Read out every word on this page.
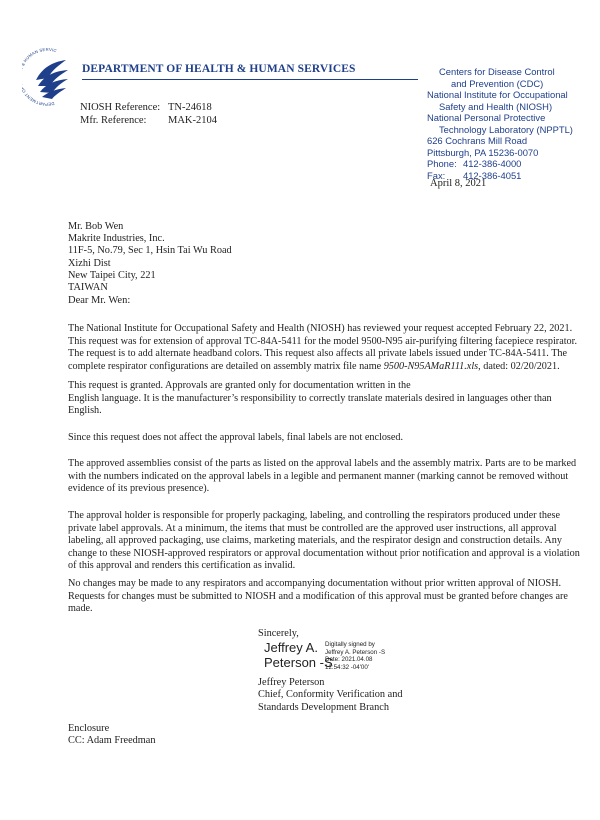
DEPARTMENT HUMAN SERVIC
DEPARTMENT OF HEALTH & HUMAN SERVICES	Centers for Disease Control
and Prevention (CDC)
National Institute for Occupational
Safety and Health (NIOSH)
National Personal Protective
Technology Laboratory (NPPTL)
626 Cochrans Mill Road
Pittsburgh, PA 15236-0070
Phone: 412-386-4000
Fax: 412-386-4051
April 8, 2021
NIOSH Reference: TN-24618
Mfr. Reference: MAK-2104
Mr. Bob Wen
Makrite Industries, Inc.
11F-5, No.79, Sec 1, Hsin Tai Wu Road
Xizhi Dist
New Taipei City, 221
TAIWAN
Dear Mr. Wen:
The National Institute for Occupational Safety and Health (NIOSH) has reviewed your request accepted February 22, 2021. This request was for extension of approval TC-84A-5411 for the model 9500-N95 air-purifying filtering facepiece respirator. The request is to add alternate headband colors. This request also affects all private labels issued under TC-84A-5411. The complete respirator configurations are detailed on assembly matrix file name 9500-N95AMaR111.xls, dated: 02/20/2021.
This request is granted. Approvals are granted only for documentation written in the
English language. It is the manufacturer’s responsibility to correctly translate materials desired in languages other than English.
Since this request does not affect the approval labels, final labels are not enclosed.
The approved assemblies consist of the parts as listed on the approval labels and the assembly matrix. Parts are to be marked with the numbers indicated on the approval labels in a legible and permanent manner (marking cannot be removed without evidence of its previous presence).
The approval holder is responsible for properly packaging, labeling, and controlling the respirators produced under these private label approvals. At a minimum, the items that must be controlled are the approved user instructions, all approval labeling, all approved packaging, use claims, marketing materials, and the respirator design and construction details. Any change to these NIOSH-approved respirators or approval documentation without prior notification and approval is a violation of this approval and renders this certification as invalid.
No changes may be made to any respirators and accompanying documentation without prior written approval of NIOSH. Requests for changes must be submitted to NIOSH and a modification of this approval must be granted before changes are made.
Sincerely,
Jeffrey A.
Peterson -S
Digitally signed by
Jeffrey A. Peterson -S
Date: 2021.04.08
12:54:32 -04'00'
Jeffrey Peterson
Chief, Conformity Verification and
Standards Development Branch
Enclosure
CC: Adam Freedman
